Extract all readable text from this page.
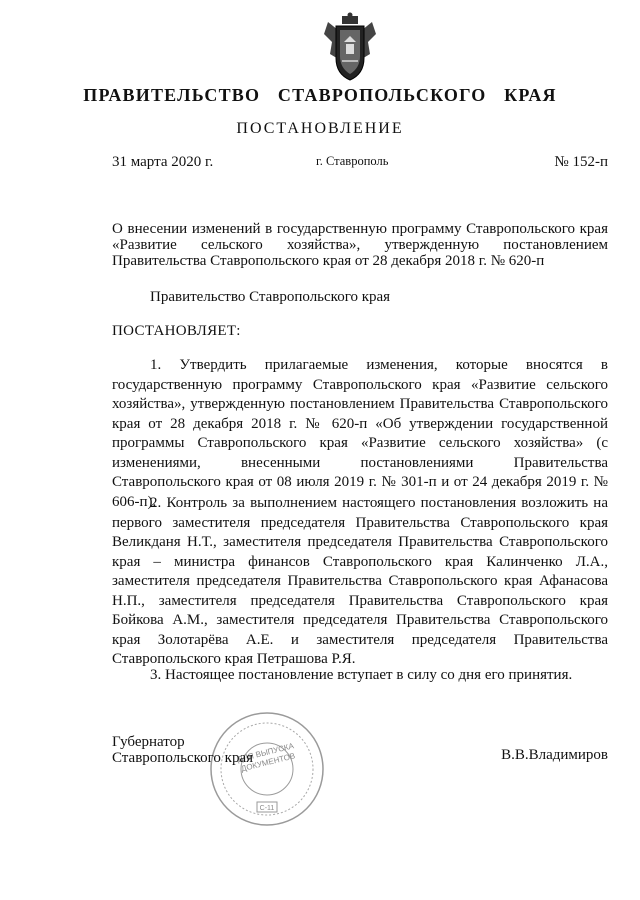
ПРАВИТЕЛЬСТВО СТАВРОПОЛЬСКОГО КРАЯ
ПОСТАНОВЛЕНИЕ
31 марта 2020 г.	г. Ставрополь	№ 152-п
О внесении изменений в государственную программу Ставропольского края «Развитие сельского хозяйства», утвержденную постановлением Правительства Ставропольского края от 28 декабря 2018 г. № 620-п
Правительство Ставропольского края
ПОСТАНОВЛЯЕТ:

1. Утвердить прилагаемые изменения, которые вносятся в государственную программу Ставропольского края «Развитие сельского хозяйства», утвержденную постановлением Правительства Ставропольского края от 28 декабря 2018 г. № 620-п «Об утверждении государственной программы Ставропольского края «Развитие сельского хозяйства» (с изменениями, внесенными постановлениями Правительства Ставропольского края от 08 июля 2019 г. № 301-п и от 24 декабря 2019 г. № 606-п).

2. Контроль за выполнением настоящего постановления возложить на первого заместителя председателя Правительства Ставропольского края Великданя Н.Т., заместителя председателя Правительства Ставропольского края – министра финансов Ставропольского края Калинченко Л.А., заместителя председателя Правительства Ставропольского края Афанасова Н.П., заместителя председателя Правительства Ставропольского края Бойкова А.М., заместителя председателя Правительства Ставропольского края Золотарёва А.Е. и заместителя председателя Правительства Ставропольского края Петрашова Р.Я.

3. Настоящее постановление вступает в силу со дня его принятия.

С-11
ДЛЯ ВЫПУСКА ДОКУМЕНТОВ
Губернатор
Ставропольского края	В.В.Владимиров
